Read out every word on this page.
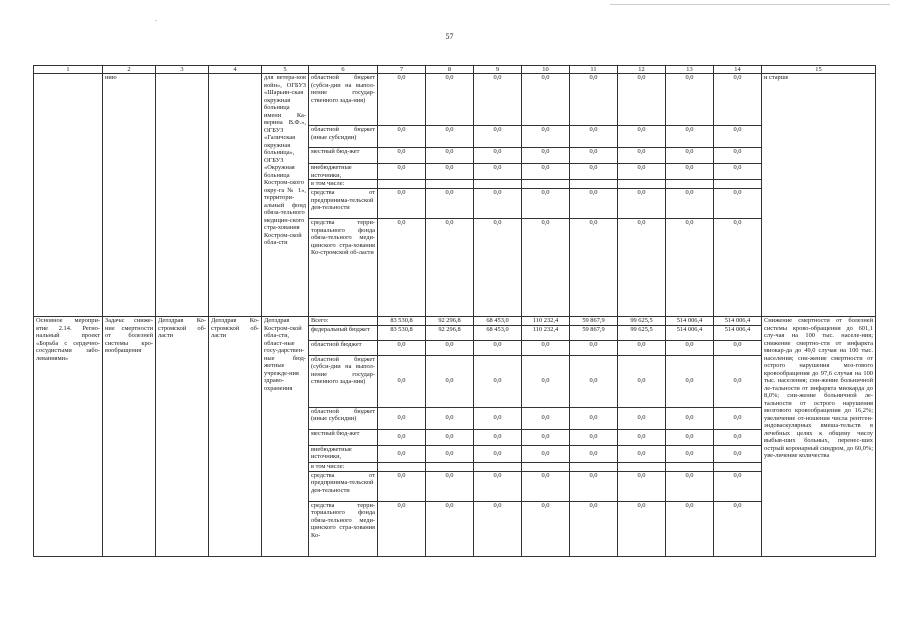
57
1	2	3	4	5	6	7	8	9	10	11	12	13	14	15
	нию			для ветера-нов войн», ОГБУЗ «Шарьин-ская окружная больница имени Ка-верина В.Ф.», ОГБУЗ «Галичская окружная больница», ОГБУЗ «Окружная больница Костром-ского окру-га № 1», территори-альный фонд обяза-тельного медицин-ского стра-хования Костром-ской обла-сти	областной бюджет (субси-дии на выпол-нение государ-ственного зада-ния)	0,0	0,0	0,0	0,0	0,0	0,0	0,0	0,0	и старше
					областной бюджет (иные субсидии)	0,0	0,0	0,0	0,0	0,0	0,0	0,0	0,0	
					местный бюд-жет	0,0	0,0	0,0	0,0	0,0	0,0	0,0	0,0	
					внебюджетные источники,	0,0	0,0	0,0	0,0	0,0	0,0	0,0	0,0	
					в том числе:									
					средства от предпринима-тельской дея-тельности	0,0	0,0	0,0	0,0	0,0	0,0	0,0	0,0	
					средства терри-ториального фонда обяза-тельного меди-цинского стра-хования Ко-стромской об-ласти	0,0	0,0	0,0	0,0	0,0	0,0	0,0	0,0	
Основное меропри-ятие 2.14. Регио-нальный проект «Борьба с сердечно-сосудистыми забо-леваниями»	Задача: сниже-ние смертности от болезней системы кро-вообращения	Депздрав Ко-стромской об-ласти	Депздрав Ко-стромской об-ласти	Депздрав Костром-ской обла-сти, област-ные госу-дарствен-ные бюд-жетные учрежде-ния здраво-охранения	Всего:	83 530,8	92 296,8	68 453,0	110 232,4	59 867,9	99 625,5	514 006,4	514 006,4	Снижение смертности от болезней системы крово-обращения до 601,1 слу-чая на 100 тыс. населе-ния; снижение смертно-сти от инфаркта миокар-да до 49,0 случая на 100 тыс. населения; сни-жение смертности от острого нарушения моз-гового кровообращения до 97,6 случая на 100 тыс. населения; сни-жение больничной ле-тальности от инфаркта миокарда до 8,0%; сни-жение больничной ле-тальности от острого нарушения мозгового кровообращения до 16,2%; увеличение от-ношения числа рентген-эндоваскулярных вмеша-тельств в лечебных целях к общему числу выбыв-ших больных, перенес-ших острый коронарный синдром, до 60,0%; уве-личение количества
					федеральный бюджет	83 530,8	92 296,8	68 453,0	110 232,4	59 867,9	99 625,5	514 006,4	514 006,4	
					областной бюджет	0,0	0,0	0,0	0,0	0,0	0,0	0,0	0,0	
					областной бюджет (субси-дии на выпол-нение государ-ственного зада-ния)	0,0	0,0	0,0	0,0	0,0	0,0	0,0	0,0	
					областной бюджет (иные субсидии)	0,0	0,0	0,0	0,0	0,0	0,0	0,0	0,0	
					местный бюд-жет	0,0	0,0	0,0	0,0	0,0	0,0	0,0	0,0	
					внебюджетные источники,	0,0	0,0	0,0	0,0	0,0	0,0	0,0	0,0	
					в том числе:									
					средства от предпринима-тельской дея-тельности	0,0	0,0	0,0	0,0	0,0	0,0	0,0	0,0	
					средства терри-ториального фонда обяза-тельного меди-цинского стра-хования Ко-	0,0	0,0	0,0	0,0	0,0	0,0	0,0	0,0	
